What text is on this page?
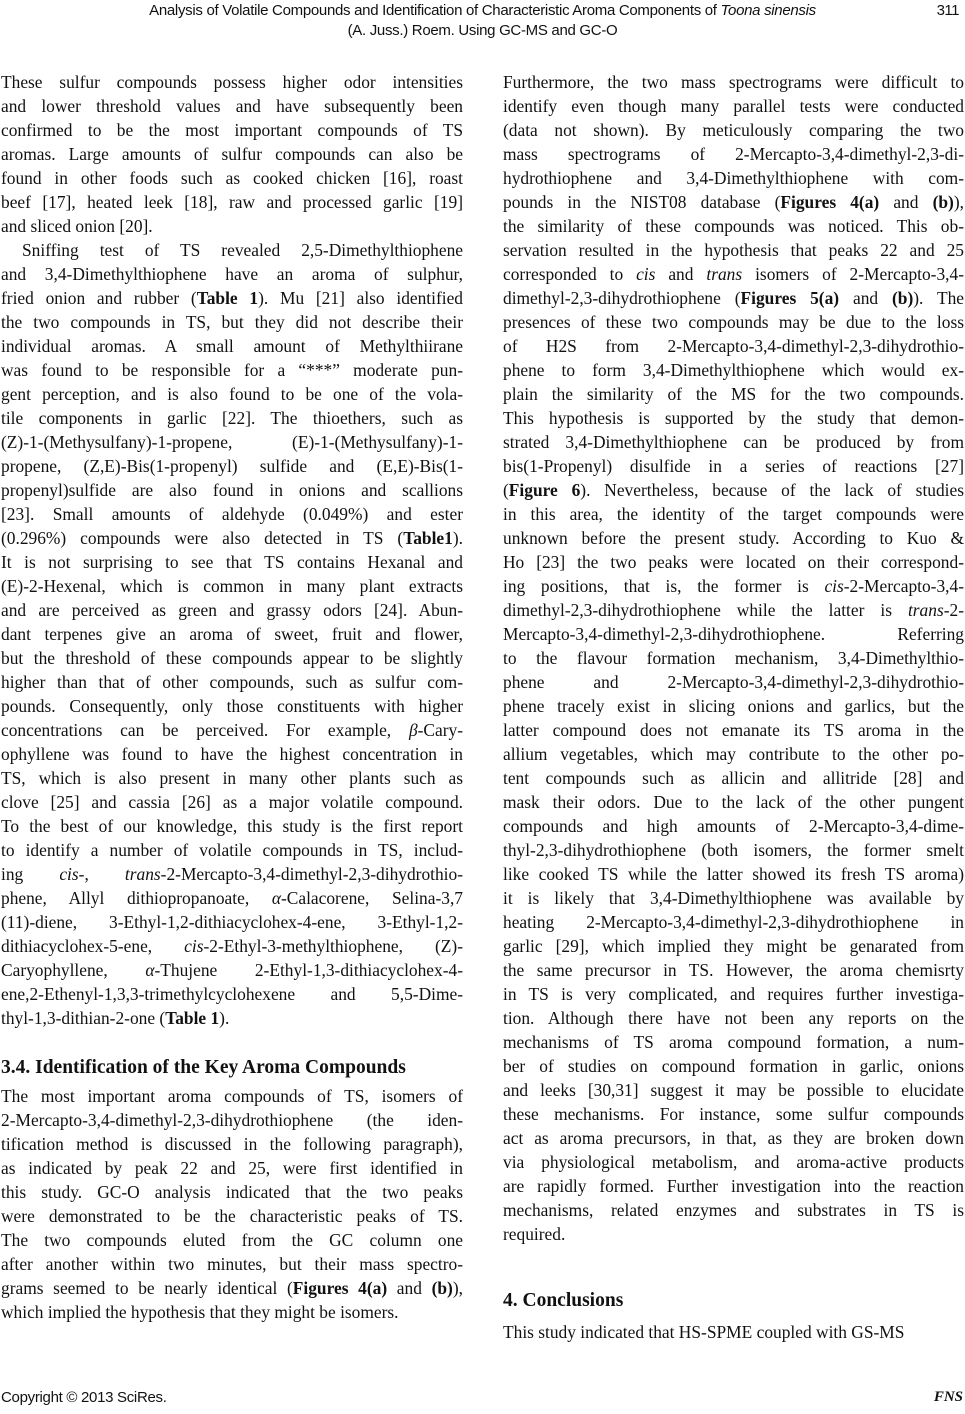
Analysis of Volatile Compounds and Identification of Characteristic Aroma Components of Toona sinensis
(A. Juss.) Roem. Using GC-MS and GC-O
311
3.4. Identification of the Key Aroma Compounds
These sulfur compounds possess higher odor intensities
and lower threshold values and have subsequently been
confirmed to be the most important compounds of TS
aromas. Large amounts of sulfur compounds can also be
found in other foods such as cooked chicken [16], roast
beef [17], heated leek [18], raw and processed garlic [19]
and sliced onion [20].
Sniffing test of TS revealed 2,5-Dimethylthiophene
and 3,4-Dimethylthiophene have an aroma of sulphur,
fried onion and rubber (Table 1). Mu [21] also identified
the two compounds in TS, but they did not describe their
individual aromas. A small amount of Methylthiirane
was found to be responsible for a “***” moderate pun-
gent perception, and is also found to be one of the vola-
tile components in garlic [22]. The thioethers, such as
(Z)-1-(Methysulfany)-1-propene, (E)-1-(Methysulfany)-1-
propene, (Z,E)-Bis(1-propenyl) sulfide and (E,E)-Bis(1-
propenyl)sulfide are also found in onions and scallions
[23]. Small amounts of aldehyde (0.049%) and ester
(0.296%) compounds were also detected in TS (Table1).
It is not surprising to see that TS contains Hexanal and
(E)-2-Hexenal, which is common in many plant extracts
and are perceived as green and grassy odors [24]. Abun-
dant terpenes give an aroma of sweet, fruit and flower,
but the threshold of these compounds appear to be slightly
higher than that of other compounds, such as sulfur com-
pounds. Consequently, only those constituents with higher
concentrations can be perceived. For example, β-Cary-
ophyllene was found to have the highest concentration in
TS, which is also present in many other plants such as
clove [25] and cassia [26] as a major volatile compound.
To the best of our knowledge, this study is the first report
to identify a number of volatile compounds in TS, includ-
ing cis-, trans-2-Mercapto-3,4-dimethyl-2,3-dihydrothio-
phene, Allyl dithiopropanoate, α-Calacorene, Selina-3,7
(11)-diene, 3-Ethyl-1,2-dithiacyclohex-4-ene, 3-Ethyl-1,2-
dithiacyclohex-5-ene, cis-2-Ethyl-3-methylthiophene, (Z)-
Caryophyllene, α-Thujene 2-Ethyl-1,3-dithiacyclohex-4-
ene,2-Ethenyl-1,3,3-trimethylcyclohexene and 5,5-Dime-
thyl-1,3-dithian-2-one (Table 1).
The most important aroma compounds of TS, isomers of
2-Mercapto-3,4-dimethyl-2,3-dihydrothiophene (the iden-
tification method is discussed in the following paragraph),
as indicated by peak 22 and 25, were first identified in
this study. GC-O analysis indicated that the two peaks
were demonstrated to be the characteristic peaks of TS.
The two compounds eluted from the GC column one
after another within two minutes, but their mass spectro-
grams seemed to be nearly identical (Figures 4(a) and (b)),
which implied the hypothesis that they might be isomers.
4. Conclusions
Furthermore, the two mass spectrograms were difficult to
identify even though many parallel tests were conducted
(data not shown). By meticulously comparing the two
mass spectrograms of 2-Mercapto-3,4-dimethyl-2,3-di-
hydrothiophene and 3,4-Dimethylthiophene with com-
pounds in the NIST08 database (Figures 4(a) and (b)),
the similarity of these compounds was noticed. This ob-
servation resulted in the hypothesis that peaks 22 and 25
corresponded to cis and trans isomers of 2-Mercapto-3,4-
dimethyl-2,3-dihydrothiophene (Figures 5(a) and (b)). The
presences of these two compounds may be due to the loss
of H2S from 2-Mercapto-3,4-dimethyl-2,3-dihydrothio-
phene to form 3,4-Dimethylthiophene which would ex-
plain the similarity of the MS for the two compounds.
This hypothesis is supported by the study that demon-
strated 3,4-Dimethylthiophene can be produced by from
bis(1-Propenyl) disulfide in a series of reactions [27]
(Figure 6). Nevertheless, because of the lack of studies
in this area, the identity of the target compounds were
unknown before the present study. According to Kuo &
Ho [23] the two peaks were located on their correspond-
ing positions, that is, the former is cis-2-Mercapto-3,4-
dimethyl-2,3-dihydrothiophene while the latter is trans-2-
Mercapto-3,4-dimethyl-2,3-dihydrothiophene. Referring
to the flavour formation mechanism, 3,4-Dimethylthio-
phene and 2-Mercapto-3,4-dimethyl-2,3-dihydrothio-
phene tracely exist in slicing onions and garlics, but the
latter compound does not emanate its TS aroma in the
allium vegetables, which may contribute to the other po-
tent compounds such as allicin and allitride [28] and
mask their odors. Due to the lack of the other pungent
compounds and high amounts of 2-Mercapto-3,4-dime-
thyl-2,3-dihydrothiophene (both isomers, the former smelt
like cooked TS while the latter showed its fresh TS aroma)
it is likely that 3,4-Dimethylthiophene was available by
heating 2-Mercapto-3,4-dimethyl-2,3-dihydrothiophene in
garlic [29], which implied they might be genarated from
the same precursor in TS. However, the aroma chemisrty
in TS is very complicated, and requires further investiga-
tion. Although there have not been any reports on the
mechanisms of TS aroma compound formation, a num-
ber of studies on compound formation in garlic, onions
and leeks [30,31] suggest it may be possible to elucidate
these mechanisms. For instance, some sulfur compounds
act as aroma precursors, in that, as they are broken down
via physiological metabolism, and aroma-active products
are rapidly formed. Further investigation into the reaction
mechanisms, related enzymes and substrates in TS is
required.
This study indicated that HS-SPME coupled with GS-MS
Copyright © 2013 SciRes.	FNS
